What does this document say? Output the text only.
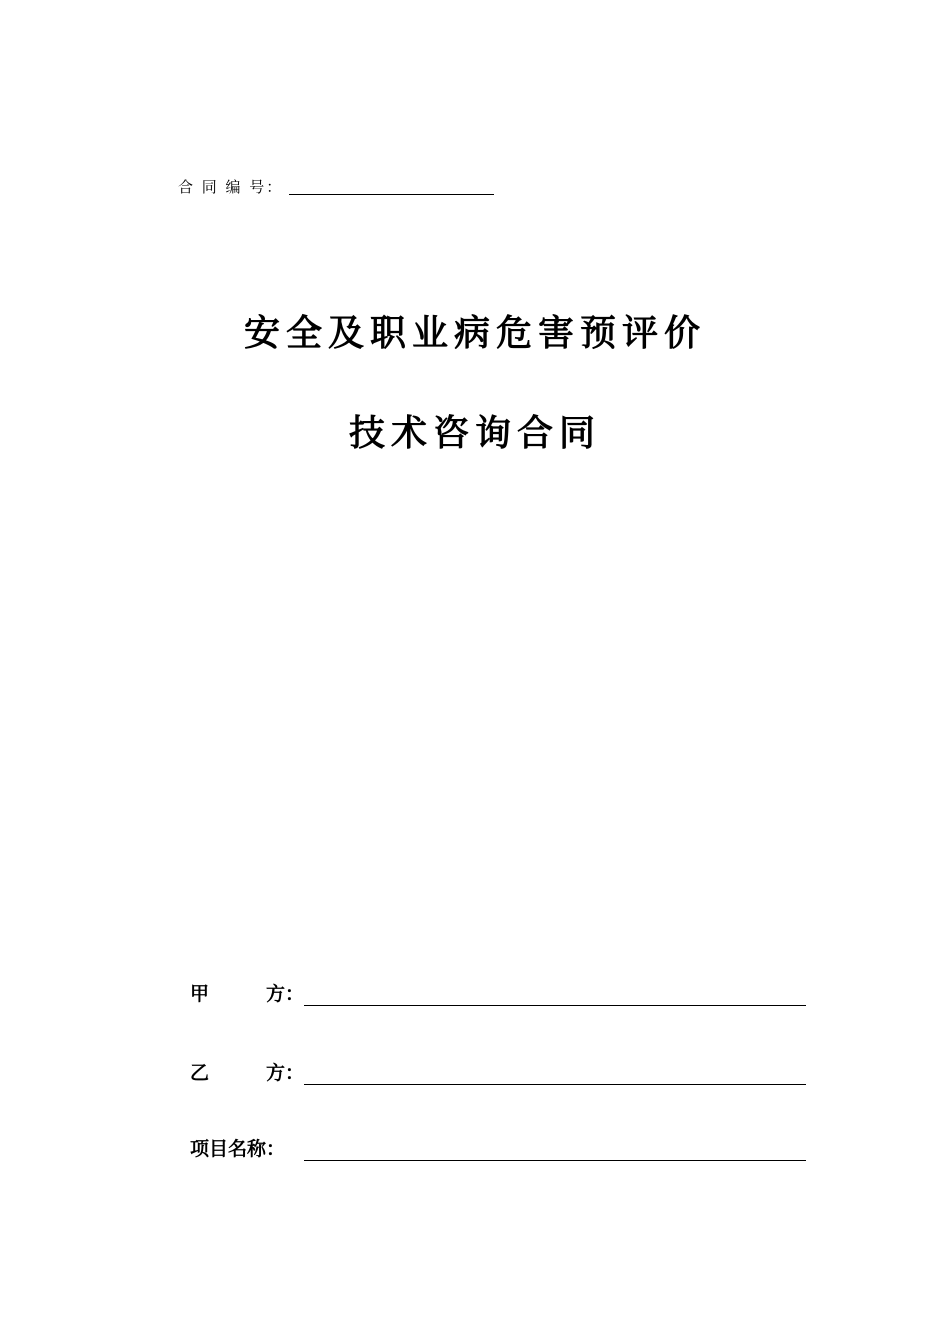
合 同 编 号：
安全及职业病危害预评价
技术咨询合同
甲	方：
乙	方：
项目名称：
